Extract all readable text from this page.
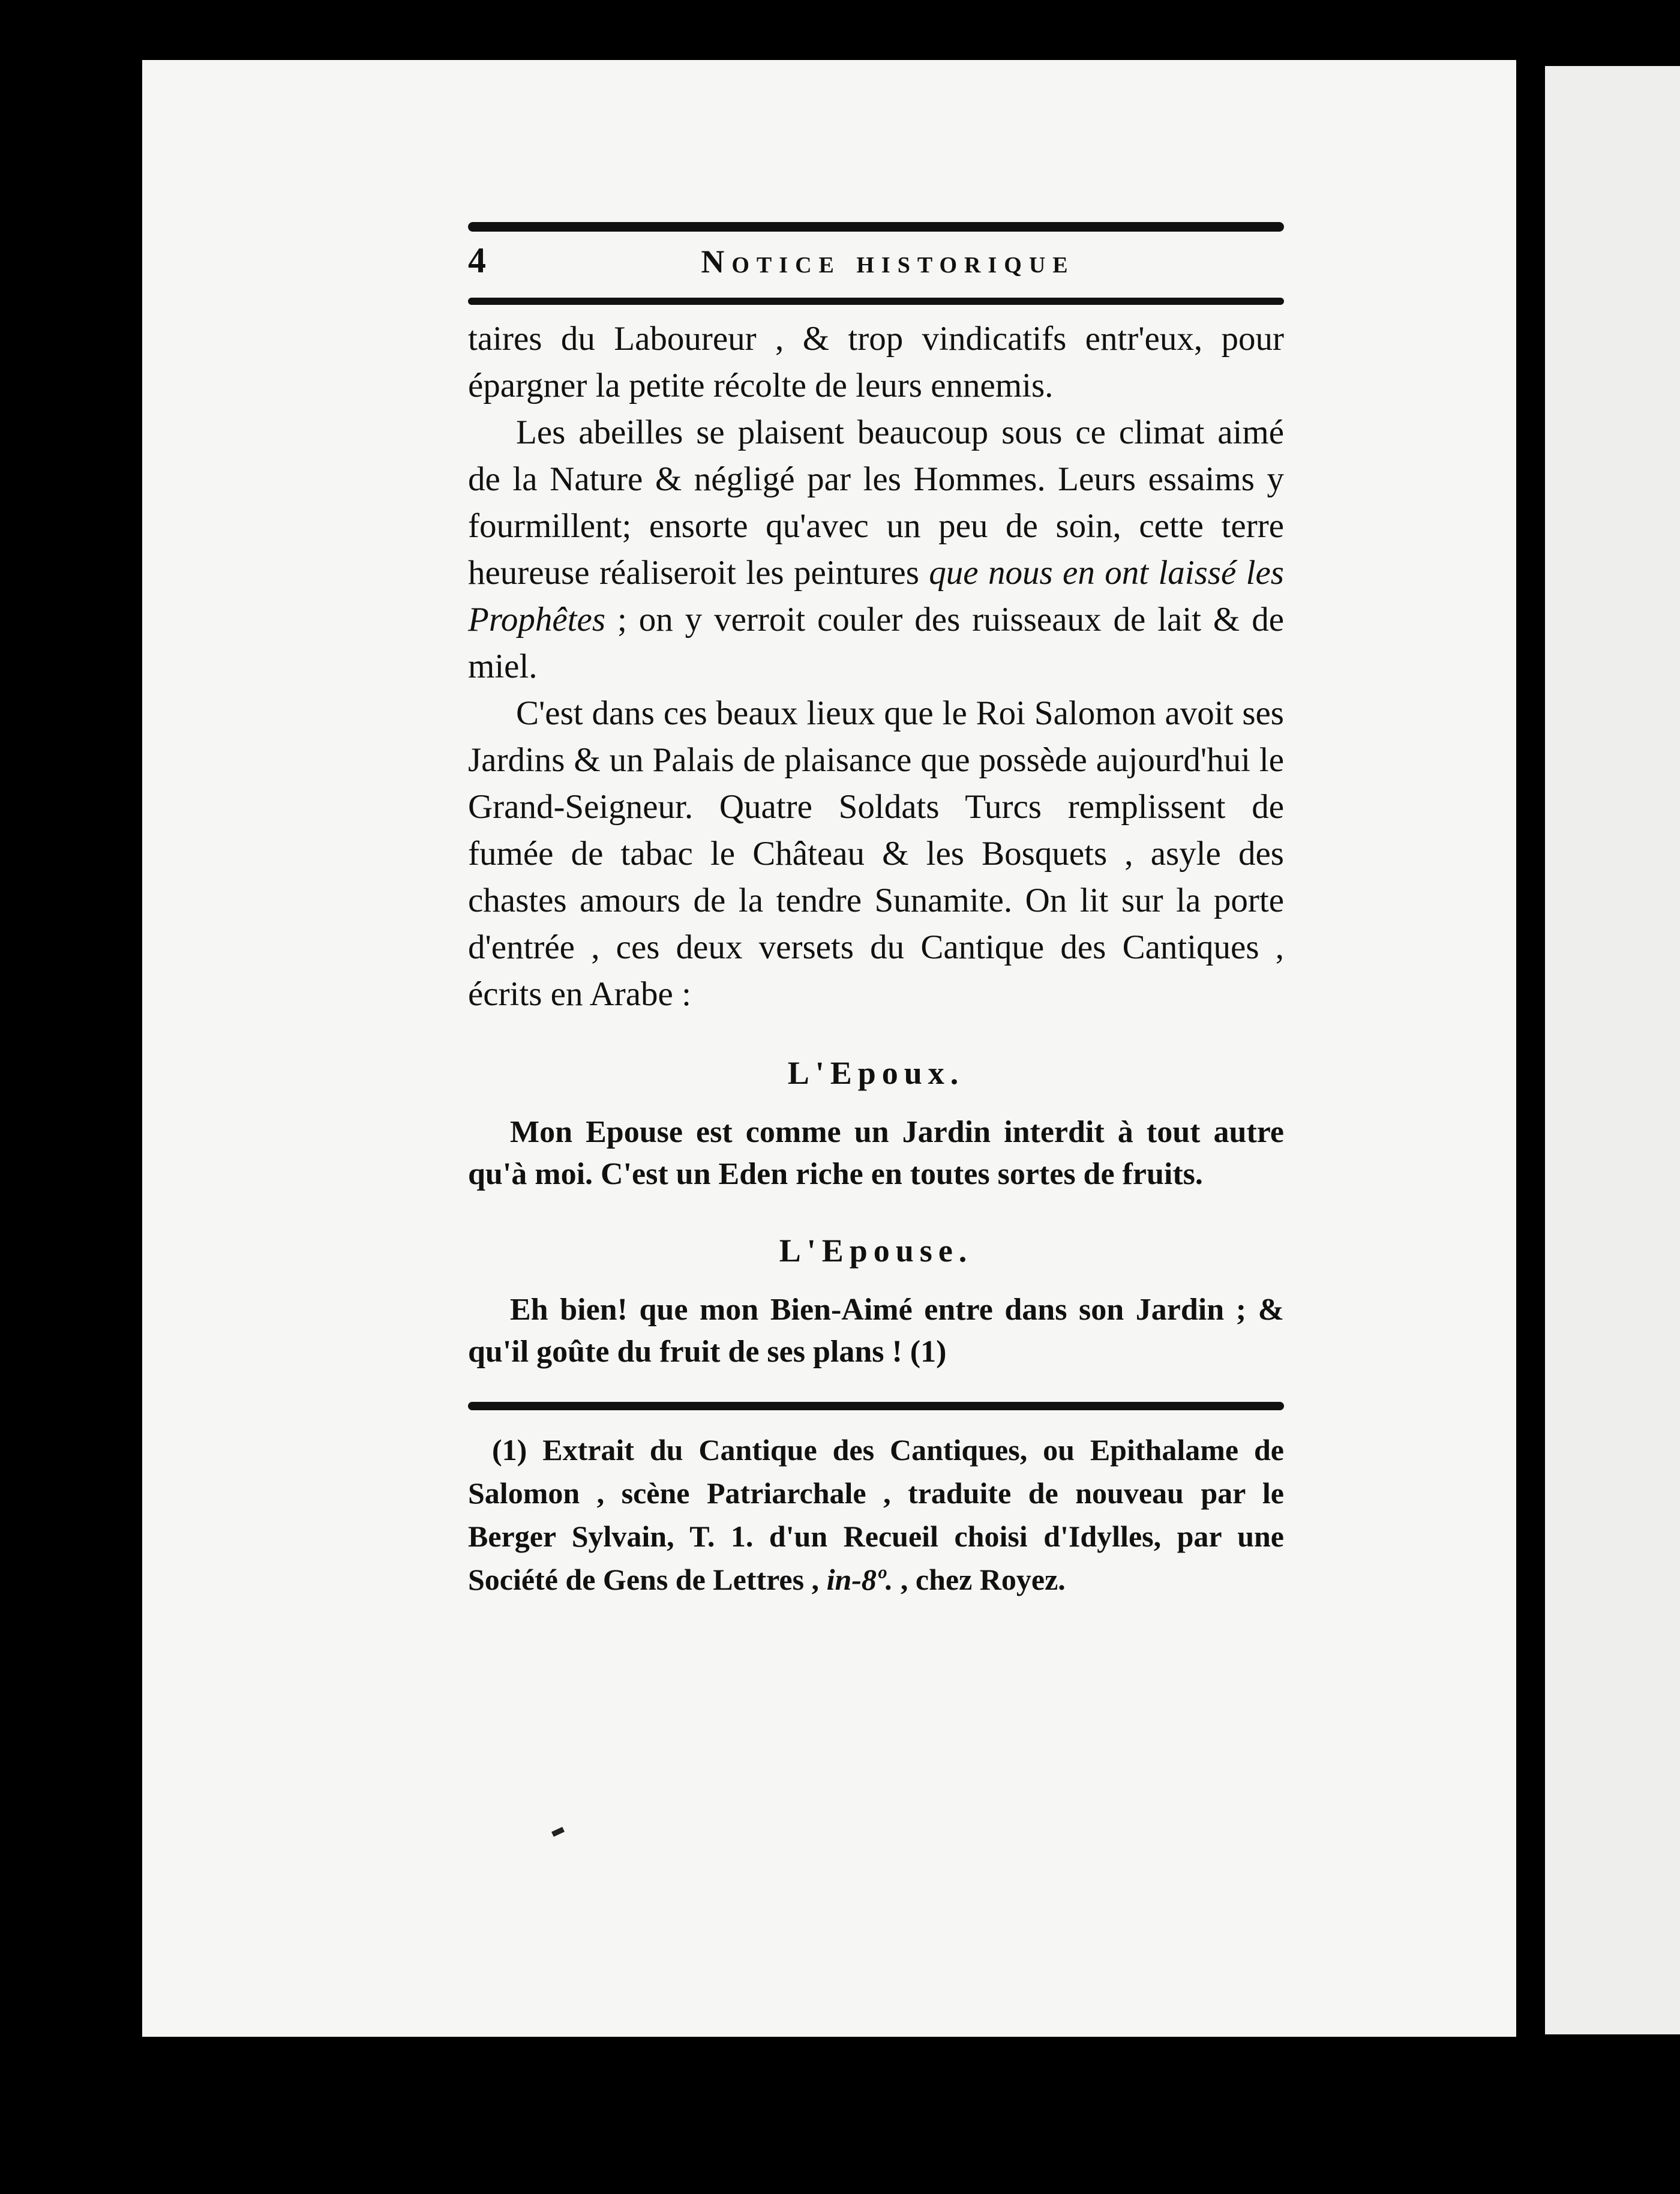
4	Notice historique

taires du Laboureur , & trop vindicatifs entr'eux, pour épargner la petite récolte de leurs ennemis.

Les abeilles se plaisent beaucoup sous ce climat aimé de la Nature & négligé par les Hommes. Leurs essaims y fourmillent; ensorte qu'avec un peu de soin, cette terre heureuse réaliseroit les peintures que nous en ont laissé les Prophêtes ; on y verroit couler des ruisseaux de lait & de miel.

C'est dans ces beaux lieux que le Roi Salomon avoit ses Jardins & un Palais de plaisance que possède aujourd'hui le Grand-Seigneur. Quatre Soldats Turcs remplissent de fumée de tabac le Château & les Bosquets , asyle des chastes amours de la tendre Sunamite. On lit sur la porte d'entrée , ces deux versets du Cantique des Cantiques , écrits en Arabe :

L'Epoux.

Mon Epouse est comme un Jardin interdit à tout autre qu'à moi. C'est un Eden riche en toutes sortes de fruits.

L'Epouse.

Eh bien! que mon Bien-Aimé entre dans son Jardin ; & qu'il goûte du fruit de ses plans ! (1)

(1) Extrait du Cantique des Cantiques, ou Epithalame de Salomon , scène Patriarchale , traduite de nouveau par le Berger Sylvain, T. 1. d'un Recueil choisi d'Idylles, par une Société de Gens de Lettres , in-8º. , chez Royez.
